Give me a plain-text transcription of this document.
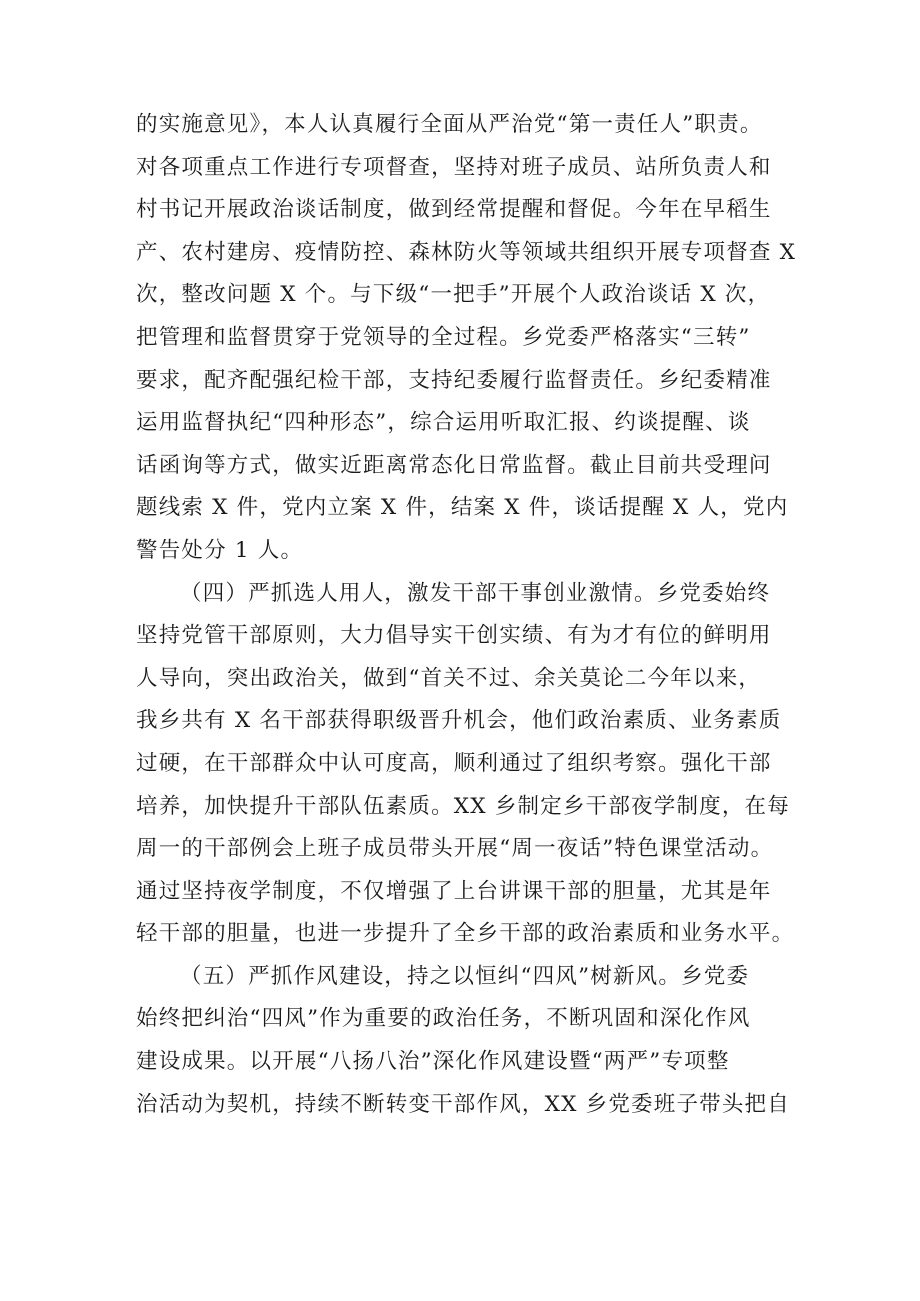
的实施意见》，本人认真履行全面从严治党“第一责任人”职责。
对各项重点工作进行专项督查，坚持对班子成员、站所负责人和
村书记开展政治谈话制度，做到经常提醒和督促。今年在早稻生
产、农村建房、疫情防控、森林防火等领域共组织开展专项督查 X
次，整改问题 X 个。与下级“一把手”开展个人政治谈话 X 次，
把管理和监督贯穿于党领导的全过程。乡党委严格落实“三转”
要求，配齐配强纪检干部，支持纪委履行监督责任。乡纪委精准
运用监督执纪“四种形态”，综合运用听取汇报、约谈提醒、谈
话函询等方式，做实近距离常态化日常监督。截止目前共受理问
题线索 X 件，党内立案 X 件，结案 X 件，谈话提醒 X 人，党内
警告处分 1 人。
（四）严抓选人用人，激发干部干事创业激情。乡党委始终
坚持党管干部原则，大力倡导实干创实绩、有为才有位的鲜明用
人导向，突出政治关，做到“首关不过、余关莫论二今年以来，
我乡共有 X 名干部获得职级晋升机会，他们政治素质、业务素质
过硬，在干部群众中认可度高，顺利通过了组织考察。强化干部
培养，加快提升干部队伍素质。XX 乡制定乡干部夜学制度，在每
周一的干部例会上班子成员带头开展“周一夜话”特色课堂活动。
通过坚持夜学制度，不仅增强了上台讲课干部的胆量，尤其是年
轻干部的胆量，也进一步提升了全乡干部的政治素质和业务水平。
（五）严抓作风建设，持之以恒纠“四风”树新风。乡党委
始终把纠治“四风”作为重要的政治任务，不断巩固和深化作风
建设成果。以开展“八扬八治”深化作风建设暨“两严”专项整
治活动为契机，持续不断转变干部作风，XX 乡党委班子带头把自
